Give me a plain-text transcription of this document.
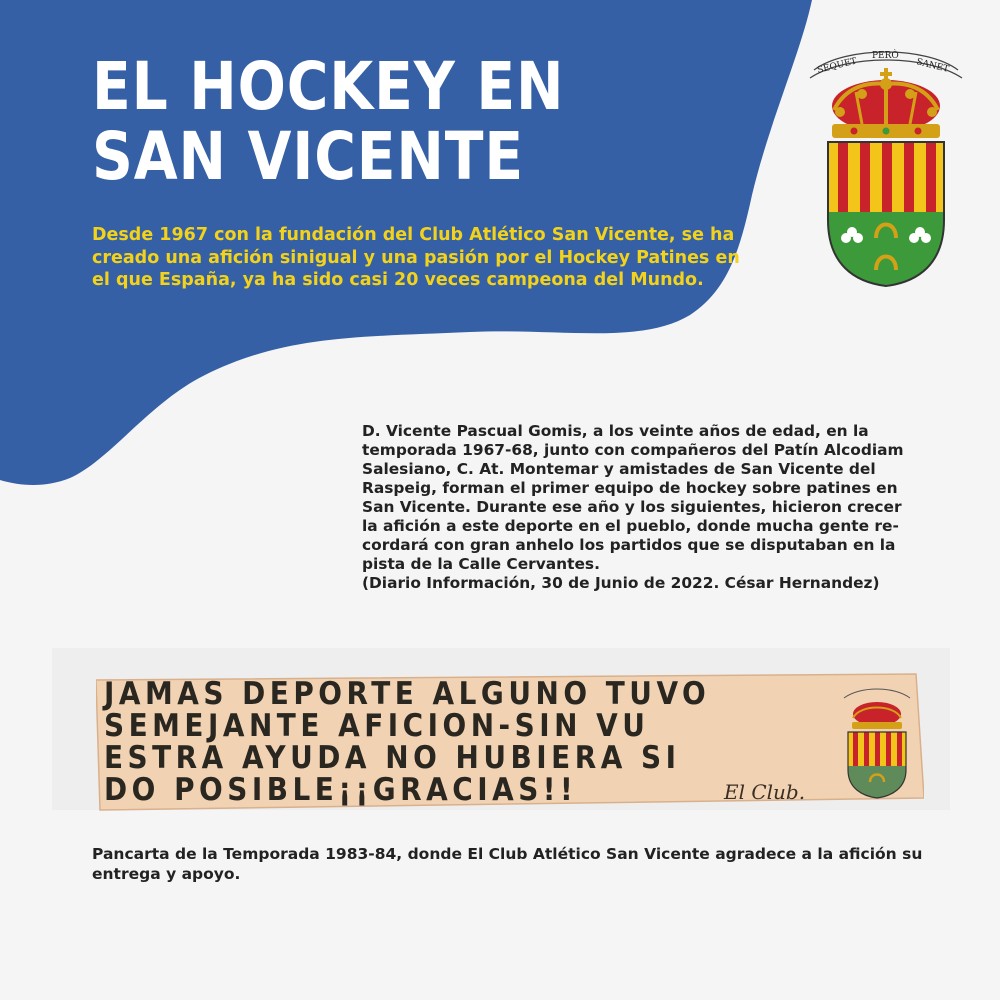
EL HOCKEY EN
SAN VICENTE

Desde 1967 con la fundación del Club Atlético San Vicente, se ha creado una afición sinigual y una pasión por el Hockey Patines en el que España, ya ha sido casi 20 veces campeona del Mundo.

SEQUET
PERÒ
SANET
D. Vicente Pascual Gomis, a los veinte años de edad, en la
temporada 1967-68, junto con compañeros del Patín Alcodiam
Salesiano, C. At. Montemar y amistades de San Vicente del
Raspeig, forman el primer equipo de hockey sobre patines en
San Vicente. Durante ese año y los siguientes, hicieron crecer
la afición a este deporte en el pueblo, donde mucha gente re-
cordará con gran anhelo los partidos que se disputaban en la
pista de la Calle Cervantes.
(Diario Información, 30 de Junio de 2022. César Hernandez)
JAMAS DEPORTE ALGUNO TUVO
SEMEJANTE AFICION-SIN VU
ESTRA AYUDA NO HUBIERA SI
DO POSIBLE¡¡GRACIAS!!	El Club.

Pancarta de la Temporada 1983-84, donde El Club Atlético San Vicente agradece a la afición su entrega y apoyo.
